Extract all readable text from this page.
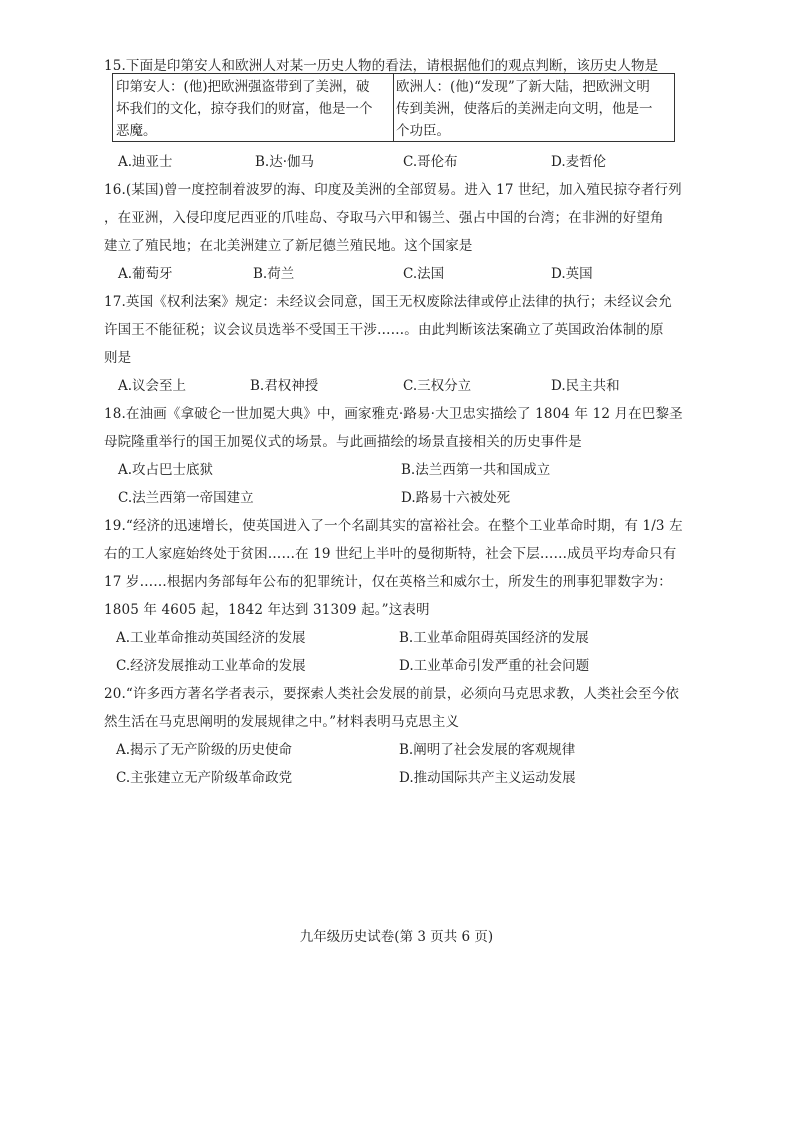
15.下面是印第安人和欧洲人对某一历史人物的看法，请根据他们的观点判断，该历史人物是
印第安人：(他)把欧洲强盗带到了美洲，破
坏我们的文化，掠夺我们的财富，他是一个
恶魔。
欧洲人：(他)“发现”了新大陆，把欧洲文明
传到美洲，使落后的美洲走向文明，他是一
个功臣。
A.迪亚士	B.达·伽马	C.哥伦布	D.麦哲伦
16.(某国)曾一度控制着波罗的海、印度及美洲的全部贸易。进入 17 世纪，加入殖民掠夺者行列
，在亚洲，入侵印度尼西亚的爪哇岛、夺取马六甲和锡兰、强占中国的台湾；在非洲的好望角
建立了殖民地；在北美洲建立了新尼德兰殖民地。这个国家是
A.葡萄牙	B.荷兰	C.法国	D.英国
17.英国《权利法案》规定：未经议会同意，国王无权废除法律或停止法律的执行；未经议会允
许国王不能征税；议会议员选举不受国王干涉……。由此判断该法案确立了英国政治体制的原
则是
A.议会至上	B.君权神授	C.三权分立	D.民主共和
18.在油画《拿破仑一世加冕大典》中，画家雅克·路易·大卫忠实描绘了 1804 年 12 月在巴黎圣
母院隆重举行的国王加冕仪式的场景。与此画描绘的场景直接相关的历史事件是
A.攻占巴士底狱	B.法兰西第一共和国成立
C.法兰西第一帝国建立	D.路易十六被处死
19.“经济的迅速增长，使英国进入了一个名副其实的富裕社会。在整个工业革命时期，有 1/3 左
右的工人家庭始终处于贫困……在 19 世纪上半叶的曼彻斯特，社会下层……成员平均寿命只有
17 岁……根据内务部每年公布的犯罪统计，仅在英格兰和威尔士，所发生的刑事犯罪数字为：
1805 年 4605 起，1842 年达到 31309 起。”这表明
A.工业革命推动英国经济的发展	B.工业革命阻碍英国经济的发展
C.经济发展推动工业革命的发展	D.工业革命引发严重的社会问题
20.“许多西方著名学者表示，要探索人类社会发展的前景，必须向马克思求教，人类社会至今依
然生活在马克思阐明的发展规律之中。”材料表明马克思主义
A.揭示了无产阶级的历史使命	B.阐明了社会发展的客观规律
C.主张建立无产阶级革命政党	D.推动国际共产主义运动发展
九年级历史试卷(第 3 页共 6 页)
